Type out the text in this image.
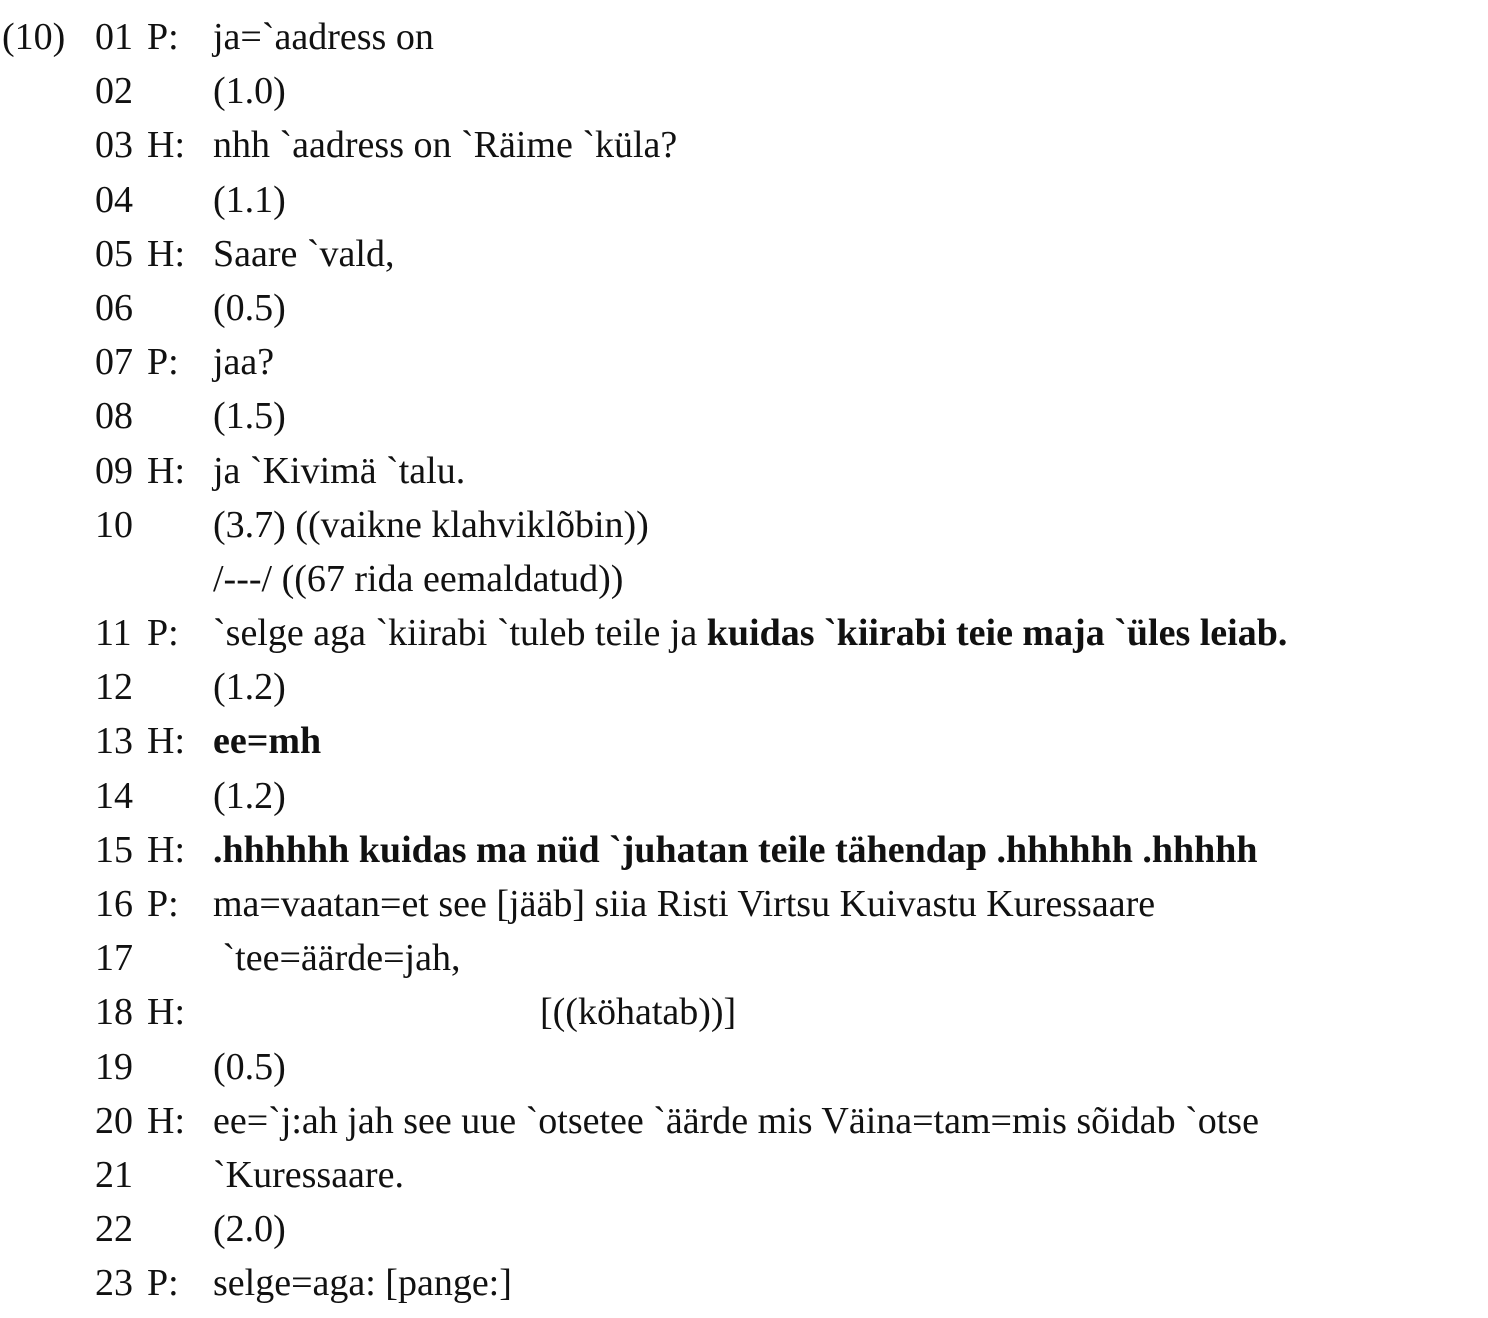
(10) 01 P: ja=`aadress on
02 (1.0)
03 H: nhh `aadress on `Räime `küla?
04 (1.1)
05 H: Saare `vald,
06 (0.5)
07 P: jaa?
08 (1.5)
09 H: ja `Kivimä `talu.
10 (3.7) ((vaikne klahviklõbin))
/---/ ((67 rida eemaldatud))
11 P: `selge aga `kiirabi `tuleb teile ja kuidas `kiirabi teie maja `üles leiab.
12 (1.2)
13 H: ee=mh
14 (1.2)
15 H: .hhhhhh kuidas ma nüd `juhatan teile tähendap .hhhhhh .hhhhh
16 P: ma=vaatan=et see [jääb] siia Risti Virtsu Kuivastu Kuressaare
17 `tee=äärde=jah,
18 H:	[((köhatab))]
19 (0.5)
20 H: ee=`j:ah jah see uue `otsetee `äärde mis Väina=tam=mis sõidab `otse
21 `Kuressaare.
22 (2.0)
23 P: selge=aga: [pange:]
